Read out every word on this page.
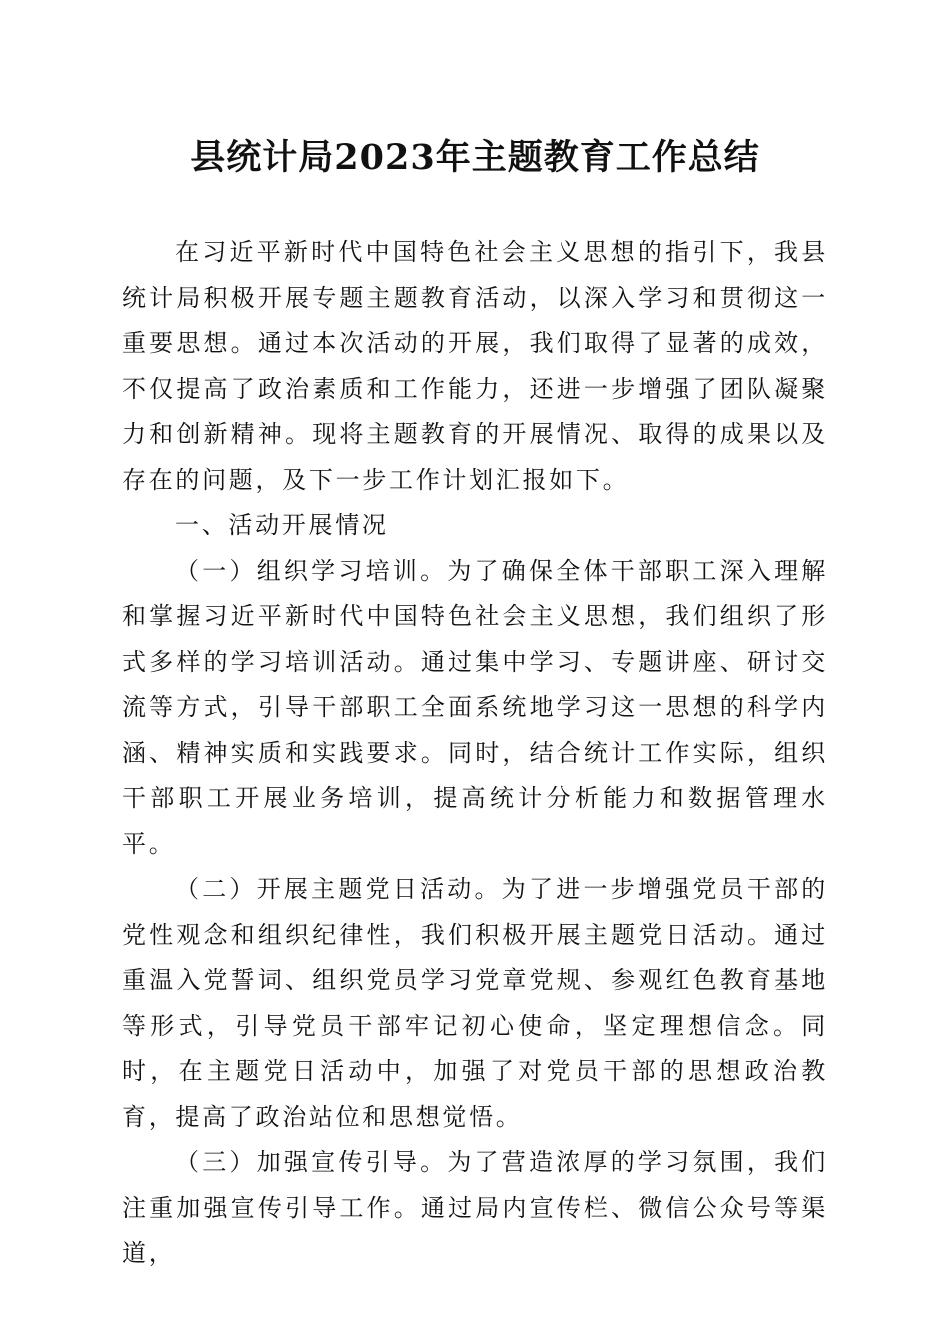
县统计局2023年主题教育工作总结

在习近平新时代中国特色社会主义思想的指引下，我县统计局积极开展专题主题教育活动，以深入学习和贯彻这一重要思想。通过本次活动的开展，我们取得了显著的成效，不仅提高了政治素质和工作能力，还进一步增强了团队凝聚力和创新精神。现将主题教育的开展情况、取得的成果以及存在的问题，及下一步工作计划汇报如下。

一、活动开展情况

（一）组织学习培训。为了确保全体干部职工深入理解和掌握习近平新时代中国特色社会主义思想，我们组织了形式多样的学习培训活动。通过集中学习、专题讲座、研讨交流等方式，引导干部职工全面系统地学习这一思想的科学内涵、精神实质和实践要求。同时，结合统计工作实际，组织干部职工开展业务培训，提高统计分析能力和数据管理水平。

（二）开展主题党日活动。为了进一步增强党员干部的党性观念和组织纪律性，我们积极开展主题党日活动。通过重温入党誓词、组织党员学习党章党规、参观红色教育基地等形式，引导党员干部牢记初心使命，坚定理想信念。同时，在主题党日活动中，加强了对党员干部的思想政治教育，提高了政治站位和思想觉悟。

（三）加强宣传引导。为了营造浓厚的学习氛围，我们注重加强宣传引导工作。通过局内宣传栏、微信公众号等渠道，
